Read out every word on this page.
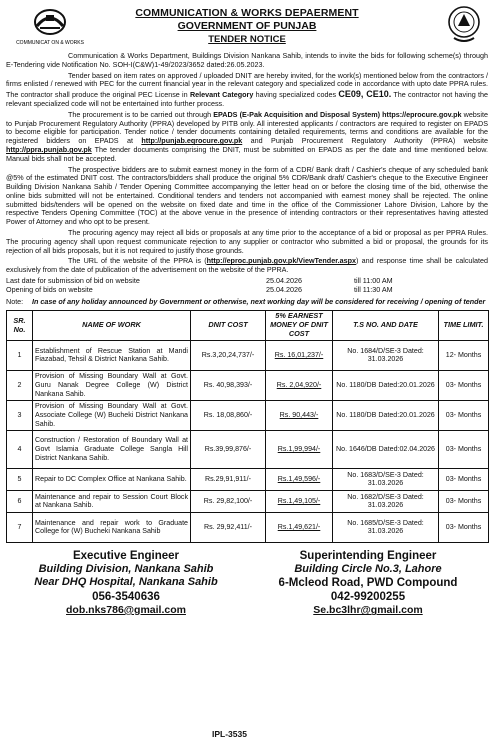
COMMUNICAT ON & WORKS
COMMUNICATION & WORKS DEPAERMENT
GOVERNMENT OF PUNJAB
TENDER NOTICE

Communication & Works Department, Buildings Division Nankana Sahib, intends to invite the bids for following scheme(s) through E-Tendering vide Notification No. SOH-I(C&W)1-49/2023/3652 dated:26.05.2023.

Tender based on item rates on approved / uploaded DNIT are hereby invited, for the work(s) mentioned below from the contractors / firms enlisted / renewed with PEC for the current financial year in the relevant category and specialized code in accordance with upto date PPRA rules. The contractor shall produce the original PEC License in Relevant Category having specialized codes CE09, CE10. The contractor not having the relevant specialized code will not be entertained into further process.

The procurement is to be carried out through EPADS (E-Pak Acquisition and Disposal System) https://eprocure.gov.pk website to Punjab Procurement Regulatory Authority (PPRA) developed by PITB only. All interested applicants / contractors are required to register on EPADS to become eligible for participation. Tender notice / tender documents containing detailed requirements, terms and conditions are available for the registered bidders on EPADS at http://punjab.eqrocure.gov.pk and Punjab Procurement Regulatory Authority (PPRA) website http://ppra.punjab.gov.pk The tender documents comprising the DNIT, must be submitted on EPADS as per the date and time mentioned below. Manual bids shall not be accepted.

The prospective bidders are to submit earnest money in the form of a CDR/ Bank draft / Cashier's cheque of any scheduled bank @5% of the estimated DNIT cost. The contractors/bidders shall produce the original 5% CDR/Bank draft/ Cashier's cheque to the Executive Engineer Building Division Nankana Sahib / Tender Opening Committee accompanying the letter head on or before the closing time of the bid, otherwise the online bids submitted will not be entertained. Conditional tenders and tenders not accompanied with earnest money shall be rejected. The online submitted bids/tenders will be opened on the website on fixed date and time in the office of the Commissioner Lahore Division, Lahore by the respective Tenders Opening Committee (TOC) at the above venue in the presence of intending contractors or their representatives having attested Power of Attorney and who opt to be present.

The procuring agency may reject all bids or proposals at any time prior to the acceptance of a bid or proposal as per PPRA Rules. The procuring agency shall upon request communicate rejection to any supplier or contractor who submitted a bid or proposal, the grounds for its rejection of all bids proposals, but it is not required to justify those grounds.

The URL of the website of the PPRA is (http://eproc.punjab.gov.pk/ViewTender.aspx) and response time shall be calculated exclusively from the date of publication of the advertisement on the website of the PPRA.

Last date for submission of bid on website	25.04.2026	till 11:00 AM
Opening of bids on website	25.04.2026	till 11:30 AM
Note:	In case of any holiday announced by Government or otherwise, next working day will be considered for receiving / opening of tender
SR. No.	NAME OF WORK	DNIT COST	5% EARNEST MONEY OF DNIT COST	T.S NO. AND DATE	TIME LIMIT.
1	Establishment of Rescue Station at Mandi Fiazabad, Tehsil & District Nankana Sahib.	Rs.3,20,24,737/-	Rs. 16,01,237/-	No. 1684/D/SE-3 Dated: 31.03.2026	12- Months
2	Provision of Missing Boundary Wall at Govt. Guru Nanak Degree College (W) District Nankana Sahib.	Rs. 40,98,393/-	Rs. 2,04,920/-	No. 1180/DB Dated:20.01.2026	03- Months
3	Provision of Missing Boundary Wall at Govt. Associate College (W) Bucheki District Nankana Sahib.	Rs. 18,08,860/-	Rs. 90,443/-	No. 1180/DB Dated:20.01.2026	03- Months
4	Construction / Restoration of Boundary Wall at Govt Islamia Graduate College Sangla Hill District Nankana Sahib.	Rs.39,99,876/-	Rs.1,99,994/-	No. 1646/DB Dated:02.04.2026	03- Months
5	Repair to DC Complex Office at Nankana Sahib.	Rs.29,91,911/-	Rs.1,49,596/-	No. 1683/D/SE-3 Dated: 31.03.2026	03- Months
6	Maintenance and repair to Session Court Block at Nankana Sahib.	Rs. 29,82,100/-	Rs.1,49,105/-	No. 1682/D/SE-3 Dated: 31.03.2026	03- Months
7	Maintenance and repair work to Graduate College for (W) Bucheki Nankana Sahib	Rs. 29,92,411/-	Rs.1,49,621/-	No. 1685/D/SE-3 Dated: 31.03.2026	03- Months
Executive Engineer
Building Division, Nankana Sahib
Near DHQ Hospital, Nankana Sahib
056-3540636
dob.nks786@gmail.com
Superintending Engineer
Building Circle No.3, Lahore
6-Mcleod Road, PWD Compound
042-99200255
Se.bc3lhr@gmail.com
IPL-3535
